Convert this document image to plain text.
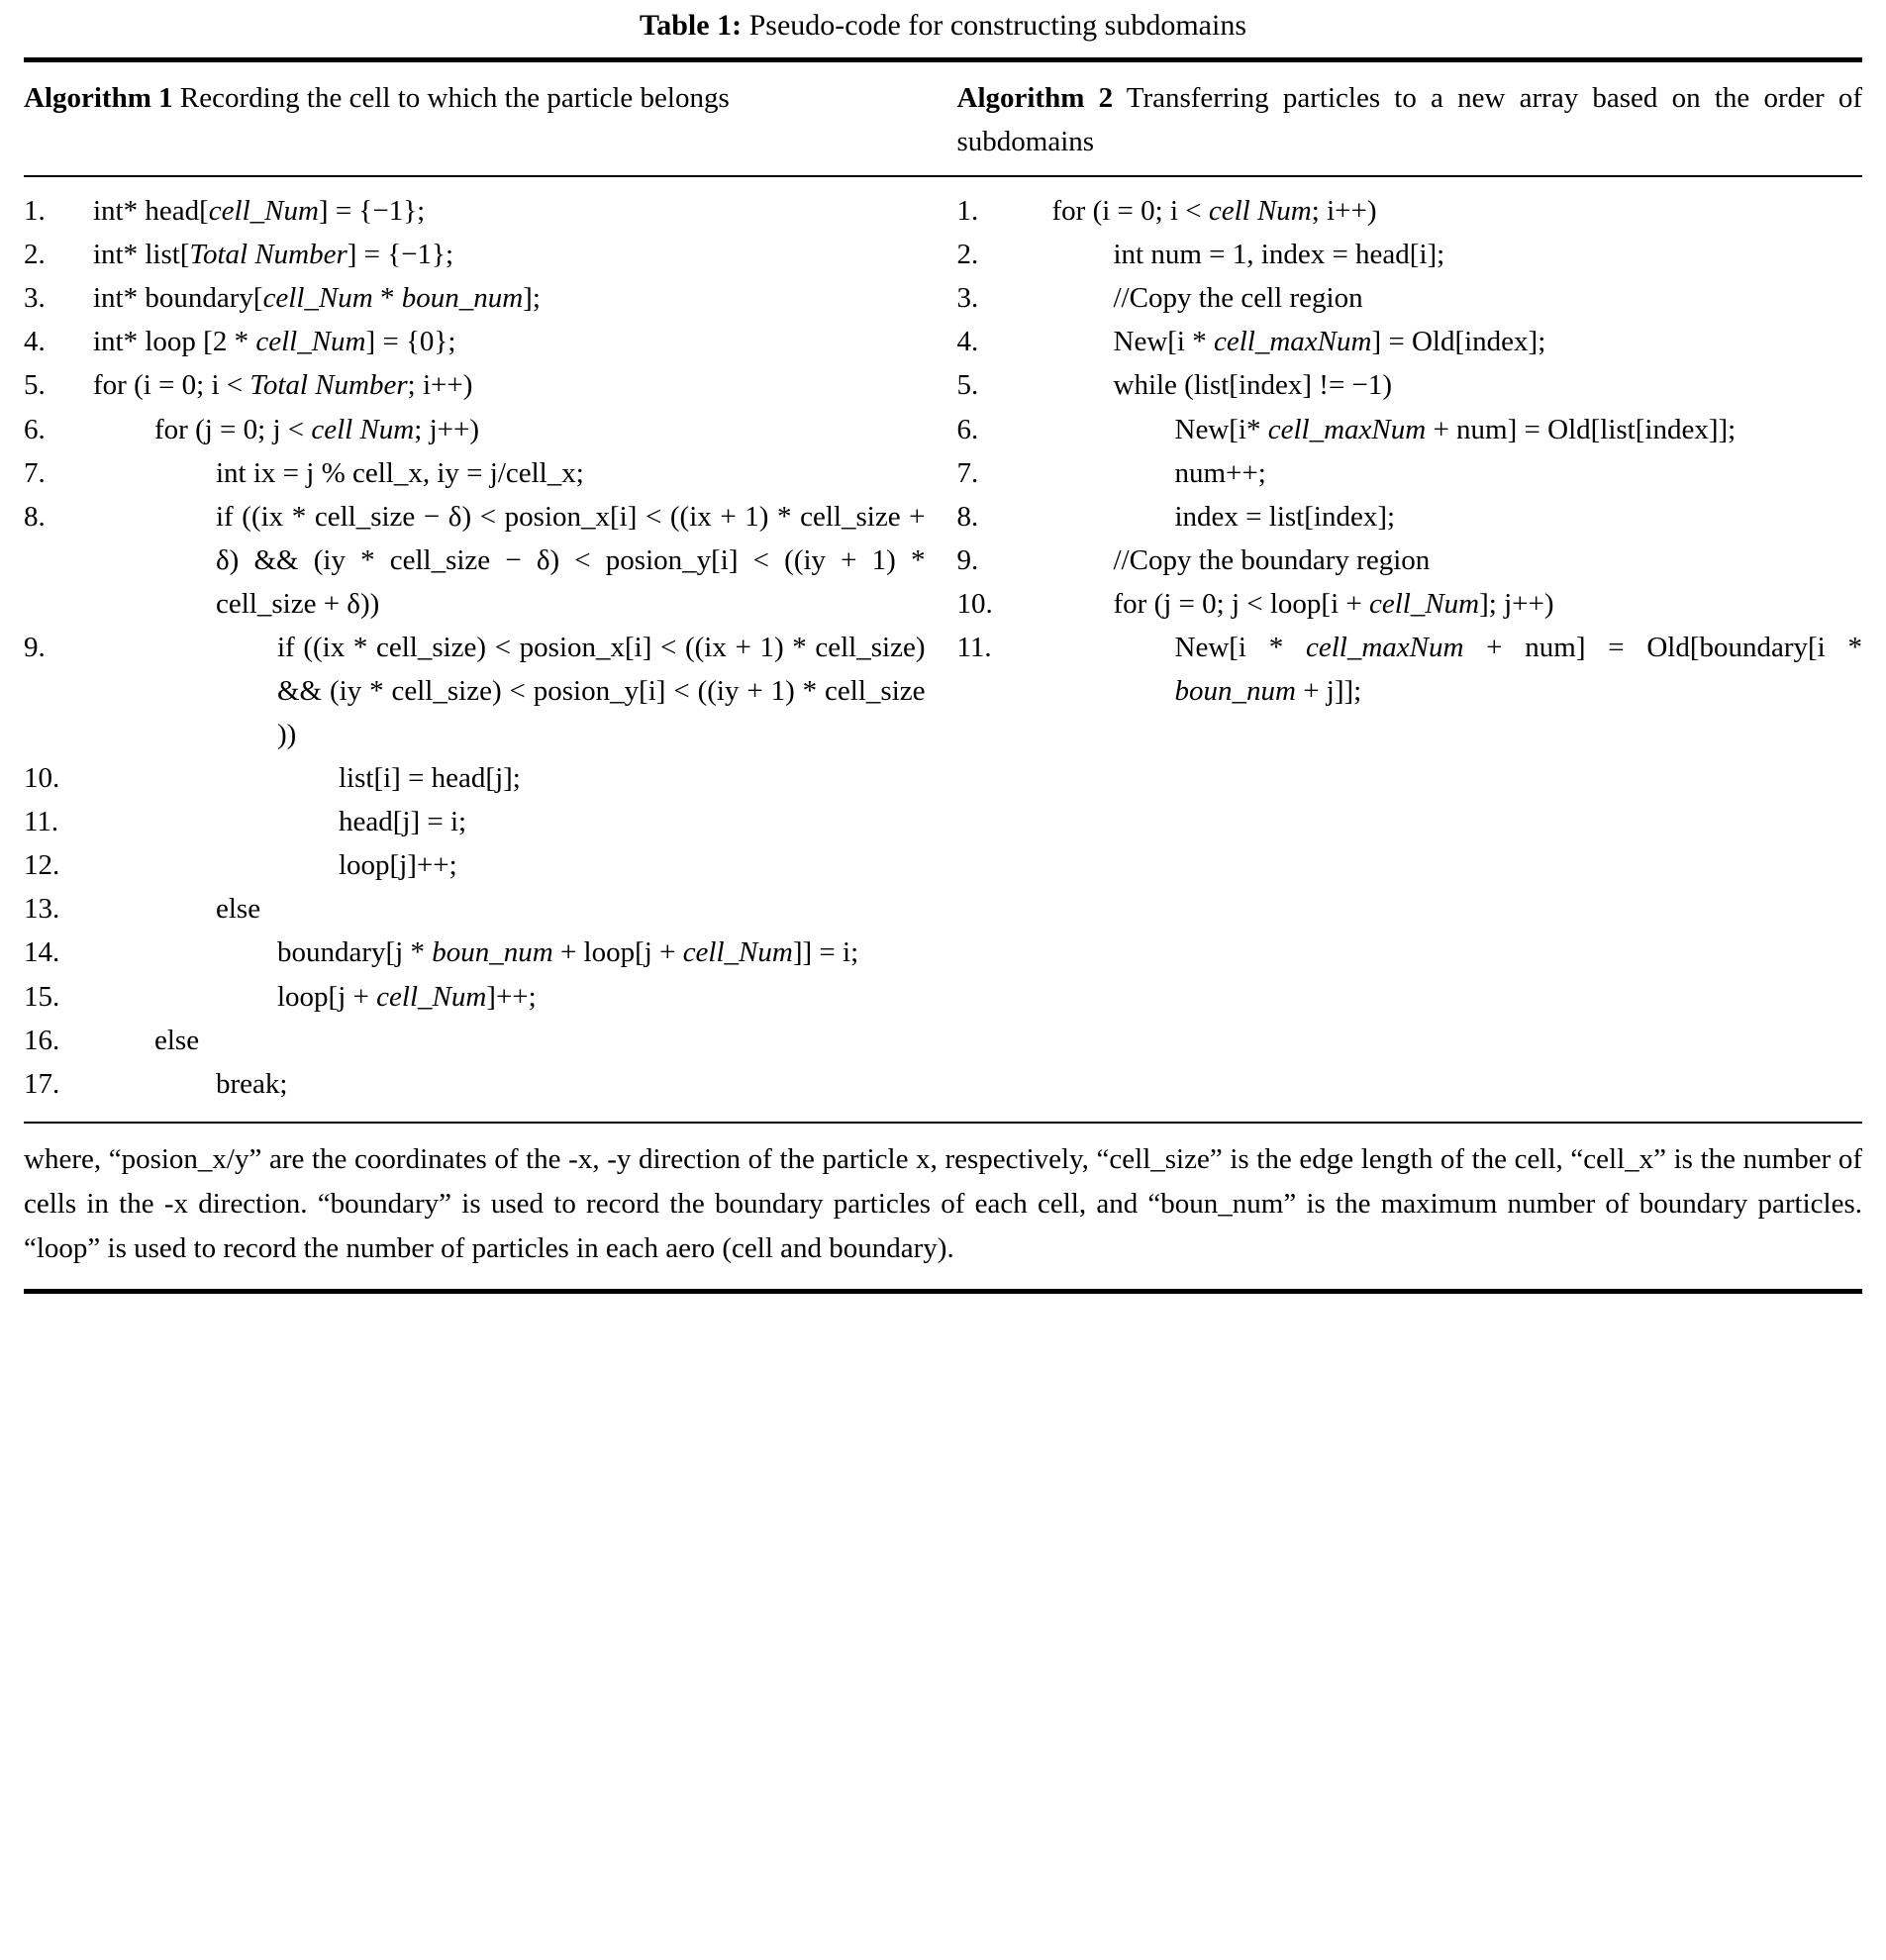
Table 1: Pseudo-code for constructing subdomains
Algorithm 1 Recording the cell to which the particle belongs	Algorithm 2 Transferring particles to a new array based on the order of subdomains
1.	int* head[cell_Num] = {−1};
2.	int* list[Total Number] = {−1};
3.	int* boundary[cell_Num * boun_num];
4.	int* loop [2 * cell_Num] = {0};
5.	for (i = 0; i < Total Number; i++)
6.	for (j = 0; j < cell Num; j++)
7.	int ix = j % cell_x, iy = j/cell_x;
8.	if ((ix * cell_size − δ) < posion_x[i] < ((ix + 1) * cell_size + δ) && (iy * cell_size − δ) < posion_y[i] < ((iy + 1) * cell_size + δ))
9.	if ((ix * cell_size) < posion_x[i] < ((ix + 1) * cell_size) && (iy * cell_size) < posion_y[i] < ((iy + 1) * cell_size ))
10.	list[i] = head[j];
11.	head[j] = i;
12.	loop[j]++;
13.	else
14.	boundary[j * boun_num + loop[j + cell_Num]] = i;
15.	loop[j + cell_Num]++;
16.	else
17.	break;
1.	for (i = 0; i < cell Num; i++)
2.	int num = 1, index = head[i];
3.	//Copy the cell region
4.	New[i * cell_maxNum] = Old[index];
5.	while (list[index] != −1)
6.	New[i* cell_maxNum + num] = Old[list[index]];
7.	num++;
8.	index = list[index];
9.	//Copy the boundary region
10.	for (j = 0; j < loop[i + cell_Num]; j++)
11.	New[i * cell_maxNum + num] = Old[boundary[i * boun_num + j]];
where, “posion_x/y” are the coordinates of the -x, -y direction of the particle x, respectively, “cell_size” is the edge length of the cell, “cell_x” is the number of cells in the -x direction. “boundary” is used to record the boundary particles of each cell, and “boun_num” is the maximum number of boundary particles. “loop” is used to record the number of particles in each aero (cell and boundary).
